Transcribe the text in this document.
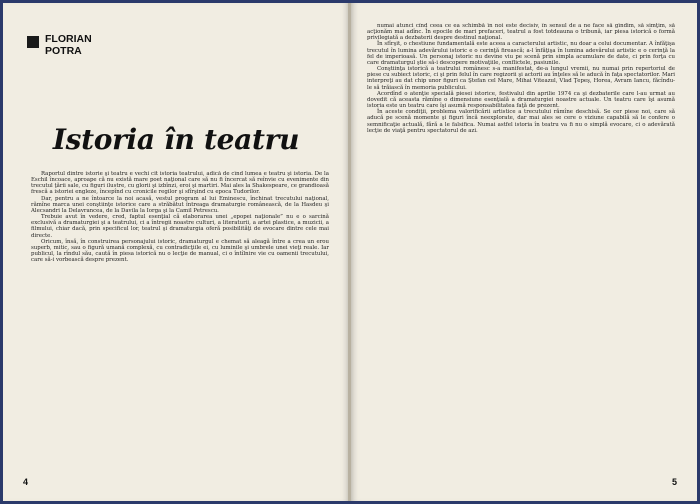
FLORIAN
POTRA
Istoria în teatru

Raportul dintre istorie şi teatru e vechi cît istoria teatrului, adică de cînd lumea e teatru şi istoria. De la Eschil încoace, aproape că nu există mare poet naţional care să nu fi încercat să reînvie cu evenimente din trecutul ţării sale, cu figuri ilustre, cu glorii şi izbînzi, eroi şi martiri. Mai ales la Shakespeare, ce grandioasă frescă a istoriei engleze, începînd cu cronicile regilor şi sfîrşind cu epoca Tudorilor.

Dar, pentru a ne întoarce la noi acasă, vestul program al lui Eminescu, închinat trecutului naţional, rămîne marca unei conştiinţe istorice care a străbătut întreaga dramaturgie românească, de la Hasdeu şi Alecsandri la Delavrancea, de la Davila la Iorga şi la Camil Petrescu.

Trebuie avut în vedere, cred, faptul esenţial că elaborarea unei „epopei naţionale” nu e o sarcină exclusivă a dramaturgiei şi a teatrului, ci a întregii noastre culturi, a literaturii, a artei plastice, a muzicii, a filmului, chiar dacă, prin specificul lor, teatrul şi dramaturgia oferă posibilităţi de evocare dintre cele mai directe.

Oricum, însă, în construirea personajului istoric, dramaturgul e chemat să aleagă între a crea un erou superb, mitic, sau o figură umană complexă, cu contradicţiile ei, cu luminile şi umbrele unei vieţi reale. Iar publicul, la rîndul său, caută în piesa istorică nu o lecţie de manual, ci o întîlnire vie cu oamenii trecutului, care să-i vorbească despre prezent.

4

numai atunci cînd ceea ce ea schimbă în noi este decisiv, în sensul de a ne face să gîndim, să simţim, să acţionăm mai adînc. În epocile de mari prefaceri, teatrul a fost totdeauna o tribună, iar piesa istorică o formă privilegiată a dezbaterii despre destinul naţional.

În sfîrşit, o chestiune fundamentală este aceea a caracterului artistic, nu doar a celui documentar. A înfăţişa trecutul în lumina adevărului istoric e o cerinţă firească; a-l înfăţişa în lumina adevărului artistic e o cerinţă la fel de imperioasă. Un personaj istoric nu devine viu pe scenă prin simpla acumulare de date, ci prin forţa cu care dramaturgul ştie să-i descopere motivaţiile, conflictele, pasiunile.

Conştiinţa istorică a teatrului românesc s-a manifestat, de-a lungul vremii, nu numai prin repertoriul de piese cu subiect istoric, ci şi prin felul în care regizorii şi actorii au înţeles să le aducă în faţa spectatorilor. Mari interpreţi au dat chip unor figuri ca Ştefan cel Mare, Mihai Viteazul, Vlad Ţepeş, Horea, Avram Iancu, făcîndu-le să trăiască în memoria publicului.

Acordînd o atenţie specială piesei istorice, festivalul din aprilie 1974 ca şi dezbaterile care l-au urmat au dovedit că aceasta rămîne o dimensiune esenţială a dramaturgiei noastre actuale. Un teatru care îşi asumă istoria este un teatru care îşi asumă responsabilitatea faţă de prezent.

În aceste condiţii, problema valorificării artistice a trecutului rămîne deschisă. Se cer piese noi, care să aducă pe scenă momente şi figuri încă neexplorate, dar mai ales se cere o viziune capabilă să le confere o semnificaţie actuală, fără a le falsifica. Numai astfel istoria în teatru va fi nu o simplă evocare, ci o adevărată lecţie de viaţă pentru spectatorul de azi.

5
